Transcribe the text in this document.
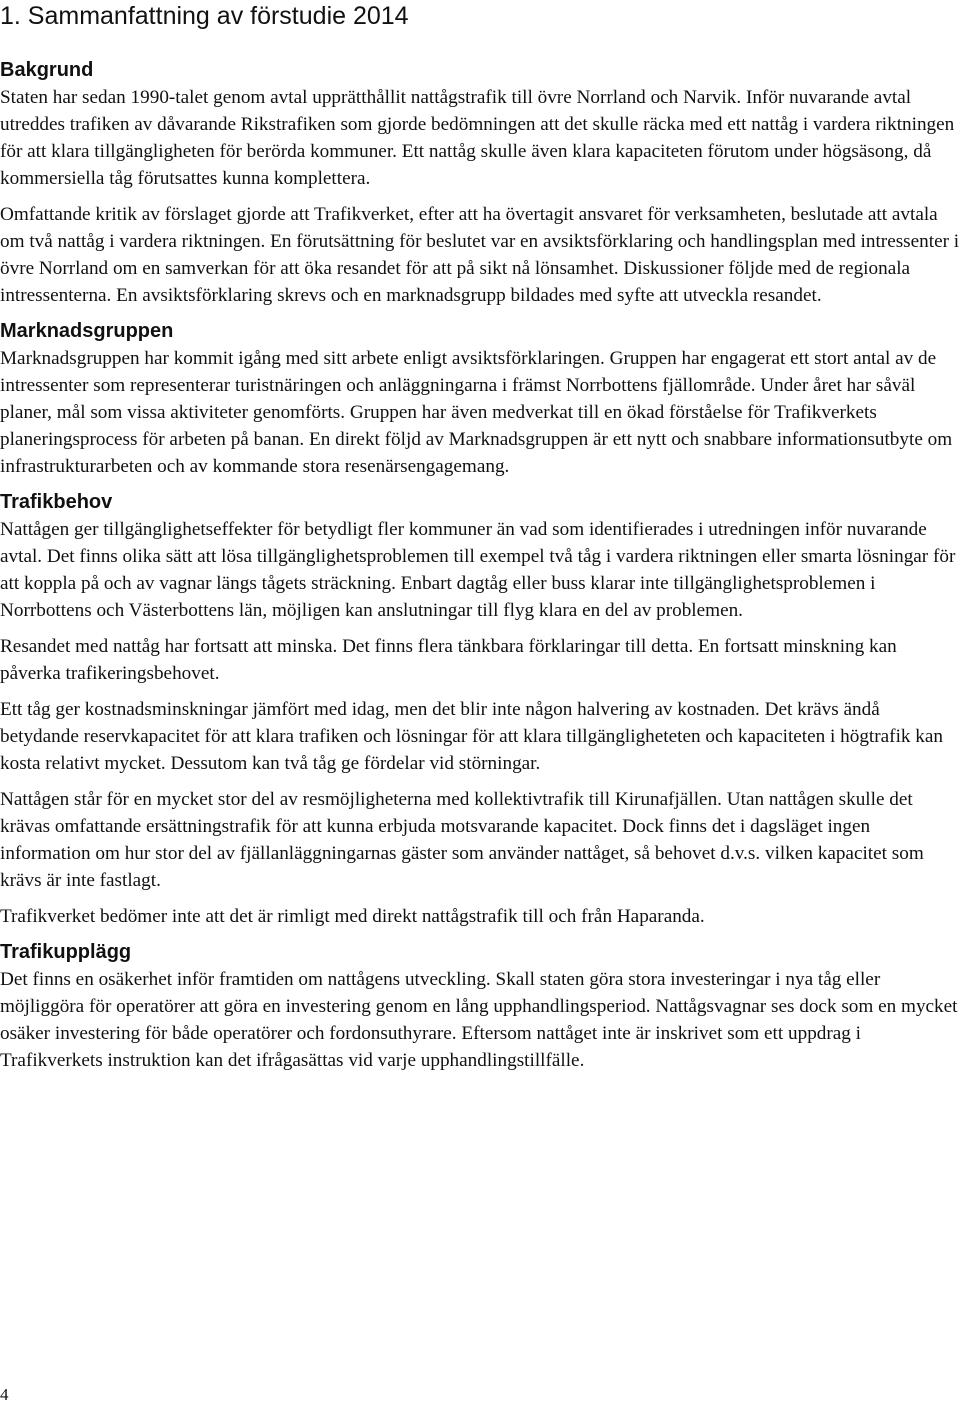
1. Sammanfattning av förstudie 2014
Bakgrund

Staten har sedan 1990-talet genom avtal upprätthållit nattågstrafik till övre Norrland och Narvik. Inför nuvarande avtal utreddes trafiken av dåvarande Rikstrafiken som gjorde bedömningen att det skulle räcka med ett nattåg i vardera riktningen för att klara tillgängligheten för berörda kommuner. Ett nattåg skulle även klara kapaciteten förutom under högsäsong, då kommersiella tåg förutsattes kunna komplettera.

Omfattande kritik av förslaget gjorde att Trafikverket, efter att ha övertagit ansvaret för verksamheten, beslutade att avtala om två nattåg i vardera riktningen. En förutsättning för beslutet var en avsiktsförklaring och handlingsplan med intressenter i övre Norrland om en samverkan för att öka resandet för att på sikt nå lönsamhet. Diskussioner följde med de regionala intressenterna. En avsiktsförklaring skrevs och en marknadsgrupp bildades med syfte att utveckla resandet.

Marknadsgruppen

Marknadsgruppen har kommit igång med sitt arbete enligt avsiktsförklaringen. Gruppen har engagerat ett stort antal av de intressenter som representerar turistnäringen och anläggningarna i främst Norrbottens fjällområde. Under året har såväl planer, mål som vissa aktiviteter genomförts. Gruppen har även medverkat till en ökad förståelse för Trafikverkets planeringsprocess för arbeten på banan. En direkt följd av Marknadsgruppen är ett nytt och snabbare informationsutbyte om infrastrukturarbeten och av kommande stora resenärsengagemang.

Trafikbehov

Nattågen ger tillgänglighetseffekter för betydligt fler kommuner än vad som identifierades i utredningen inför nuvarande avtal. Det finns olika sätt att lösa tillgänglighetsproblemen till exempel två tåg i vardera riktningen eller smarta lösningar för att koppla på och av vagnar längs tågets sträckning. Enbart dagtåg eller buss klarar inte tillgänglighetsproblemen i Norrbottens och Västerbottens län, möjligen kan anslutningar till flyg klara en del av problemen.

Resandet med nattåg har fortsatt att minska. Det finns flera tänkbara förklaringar till detta. En fortsatt minskning kan påverka trafikeringsbehovet.

Ett tåg ger kostnadsminskningar jämfört med idag, men det blir inte någon halvering av kostnaden. Det krävs ändå betydande reservkapacitet för att klara trafiken och lösningar för att klara tillgängligheteten och kapaciteten i högtrafik kan kosta relativt mycket. Dessutom kan två tåg ge fördelar vid störningar.

Nattågen står för en mycket stor del av resmöjligheterna med kollektivtrafik till Kirunafjällen. Utan nattågen skulle det krävas omfattande ersättningstrafik för att kunna erbjuda motsvarande kapacitet. Dock finns det i dagsläget ingen information om hur stor del av fjällanläggningarnas gäster som använder nattåget, så behovet d.v.s. vilken kapacitet som krävs är inte fastlagt.

Trafikverket bedömer inte att det är rimligt med direkt nattågstrafik till och från Haparanda.

Trafikupplägg

Det finns en osäkerhet inför framtiden om nattågens utveckling. Skall staten göra stora investeringar i nya tåg eller möjliggöra för operatörer att göra en investering genom en lång upphandlingsperiod. Nattågsvagnar ses dock som en mycket osäker investering för både operatörer och fordonsuthyrare. Eftersom nattåget inte är inskrivet som ett uppdrag i Trafikverkets instruktion kan det ifrågasättas vid varje upphandlingstillfälle.

4
